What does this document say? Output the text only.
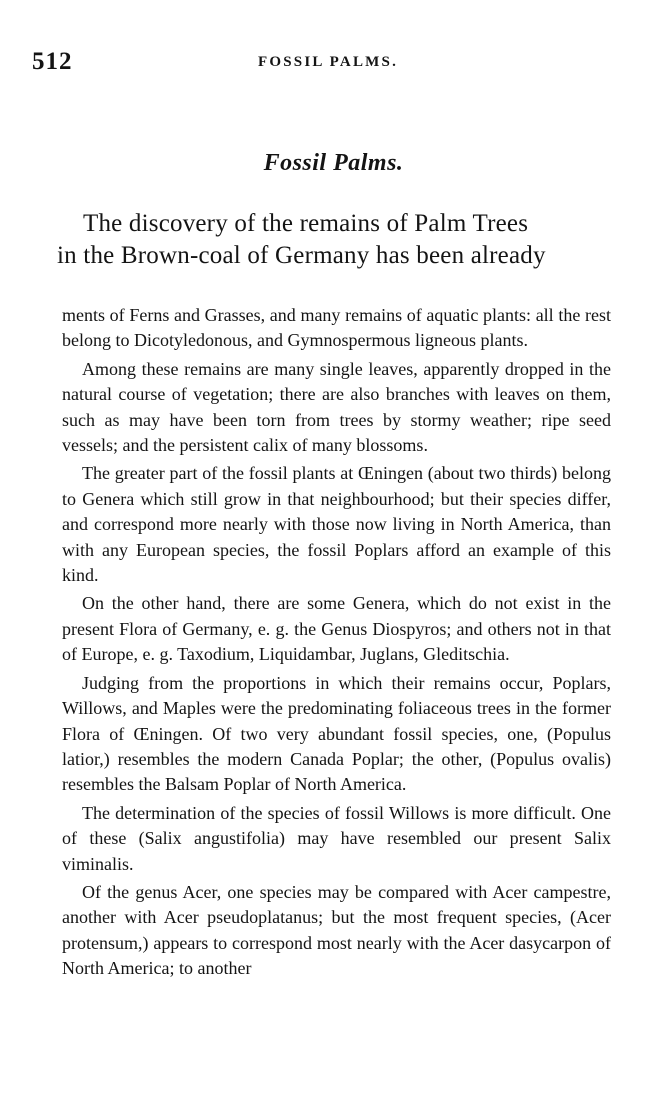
512	FOSSIL PALMS.
Fossil Palms.
The discovery of the remains of Palm Trees
in the Brown-coal of Germany has been already

ments of Ferns and Grasses, and many remains of aquatic plants: all the rest belong to Dicotyledonous, and Gymnospermous ligneous plants.

Among these remains are many single leaves, apparently dropped in the natural course of vegetation; there are also branches with leaves on them, such as may have been torn from trees by stormy weather; ripe seed vessels; and the persistent calix of many blossoms.

The greater part of the fossil plants at Œningen (about two thirds) belong to Genera which still grow in that neighbourhood; but their species differ, and correspond more nearly with those now living in North America, than with any European species, the fossil Poplars afford an example of this kind.

On the other hand, there are some Genera, which do not exist in the present Flora of Germany, e. g. the Genus Diospyros; and others not in that of Europe, e. g. Taxodium, Liquidambar, Juglans, Gleditschia.

Judging from the proportions in which their remains occur, Poplars, Willows, and Maples were the predominating foliaceous trees in the former Flora of Œningen. Of two very abundant fossil species, one, (Populus latior,) resembles the modern Canada Poplar; the other, (Populus ovalis) resembles the Balsam Poplar of North America.

The determination of the species of fossil Willows is more difficult. One of these (Salix angustifolia) may have resembled our present Salix viminalis.

Of the genus Acer, one species may be compared with Acer campestre, another with Acer pseudoplatanus; but the most frequent species, (Acer protensum,) appears to correspond most nearly with the Acer dasycarpon of North America; to another
